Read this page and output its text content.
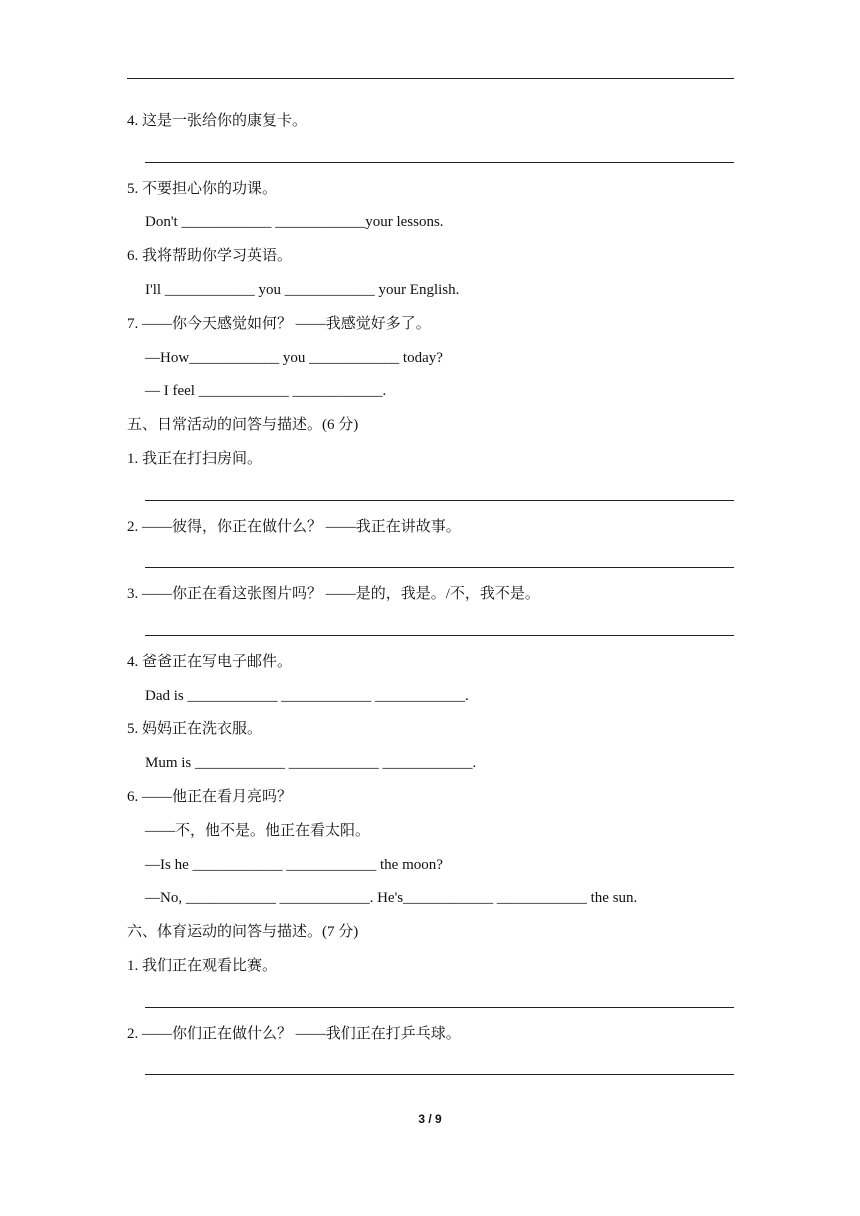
4. 这是一张给你的康复卡。
5. 不要担心你的功课。
Don't ____________ ____________your lessons.
6. 我将帮助你学习英语。
I'll ____________ you ____________ your English.
7. ——你今天感觉如何？ ——我感觉好多了。
—How____________ you ____________ today?
— I feel ____________ ____________.
五、日常活动的问答与描述。(6 分)
1. 我正在打扫房间。
2. ——彼得，你正在做什么？ ——我正在讲故事。
3. ——你正在看这张图片吗？ ——是的，我是。/不，我不是。
4. 爸爸正在写电子邮件。
Dad is ____________ ____________ ____________.
5. 妈妈正在洗衣服。
Mum is ____________ ____________ ____________.
6. ——他正在看月亮吗？
——不，他不是。他正在看太阳。
—Is he ____________ ____________ the moon?
—No, ____________ ____________. He's____________ ____________ the sun.
六、体育运动的问答与描述。(7 分)
1. 我们正在观看比赛。
2. ——你们正在做什么？ ——我们正在打乒乓球。
3 / 9
